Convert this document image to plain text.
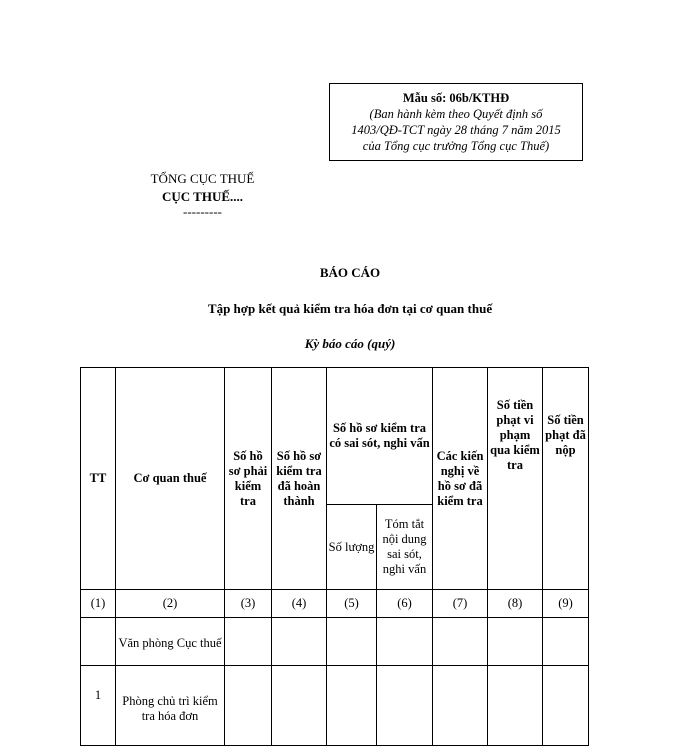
Mẫu số: 06b/KTHĐ
(Ban hành kèm theo Quyết định số
1403/QĐ-TCT ngày 28 tháng 7 năm 2015
của Tổng cục trưởng Tổng cục Thuế)
TỔNG CỤC THUẾ

CỤC THUẾ....
---------
BÁO CÁO
Tập hợp kết quả kiểm tra hóa đơn tại cơ quan thuế
Kỳ báo cáo (quý)
TT	Cơ quan thuế	Số hồ sơ phải kiểm tra	Số hồ sơ kiểm tra đã hoàn thành	Số hồ sơ kiểm tra có sai sót, nghi vấn		Các kiến nghị về hồ sơ đã kiểm tra	Số tiền phạt vi phạm qua kiểm tra	Số tiền phạt đã nộp
				Số lượng	Tóm tắt nội dung sai sót, nghi vấn			
(1)	(2)	(3)	(4)	(5)	(6)	(7)	(8)	(9)
	Văn phòng Cục thuế							
1	Phòng chủ trì kiểm tra hóa đơn							
